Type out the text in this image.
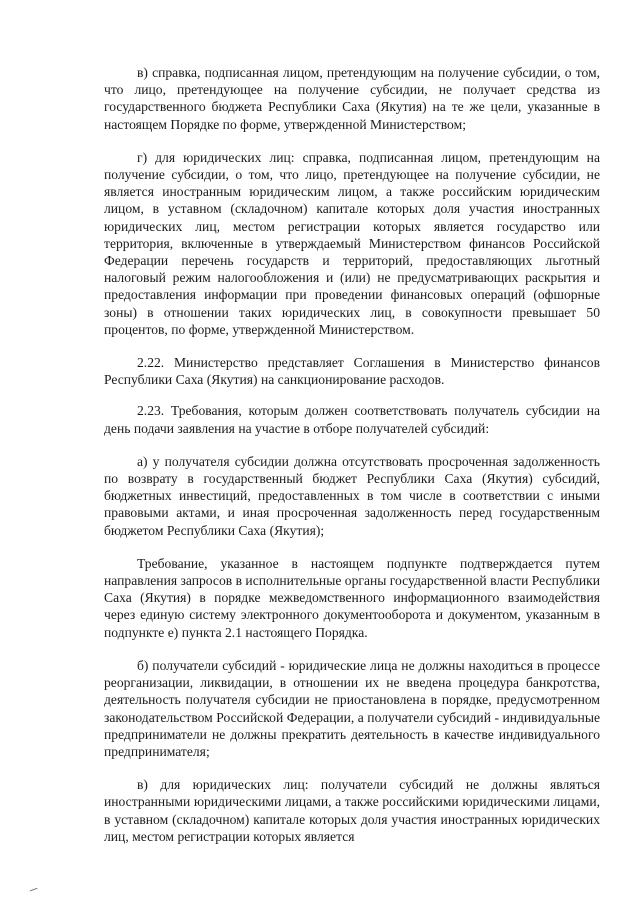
в) справка, подписанная лицом, претендующим на получение субсидии, о том, что лицо, претендующее на получение субсидии, не получает средства из государственного бюджета Республики Саха (Якутия) на те же цели, указанные в настоящем Порядке по форме, утвержденной Министерством;

г) для юридических лиц: справка, подписанная лицом, претендующим на получение субсидии, о том, что лицо, претендующее на получение субсидии, не является иностранным юридическим лицом, а также российским юридическим лицом, в уставном (складочном) капитале которых доля участия иностранных юридических лиц, местом регистрации которых является государство или территория, включенные в утверждаемый Министерством финансов Российской Федерации перечень государств и территорий, предоставляющих льготный налоговый режим налогообложения и (или) не предусматривающих раскрытия и предоставления информации при проведении финансовых операций (офшорные зоны) в отношении таких юридических лиц, в совокупности превышает 50 процентов, по форме, утвержденной Министерством.

2.22. Министерство представляет Соглашения в Министерство финансов Республики Саха (Якутия) на санкционирование расходов.

2.23. Требования, которым должен соответствовать получатель субсидии на день подачи заявления на участие в отборе получателей субсидий:

а) у получателя субсидии должна отсутствовать просроченная задолженность по возврату в государственный бюджет Республики Саха (Якутия) субсидий, бюджетных инвестиций, предоставленных в том числе в соответствии с иными правовыми актами, и иная просроченная задолженность перед государственным бюджетом Республики Саха (Якутия);

Требование, указанное в настоящем подпункте подтверждается путем направления запросов в исполнительные органы государственной власти Республики Саха (Якутия) в порядке межведомственного информационного взаимодействия через единую систему электронного документооборота и документом, указанным в подпункте е) пункта 2.1 настоящего Порядка.

б) получатели субсидий - юридические лица не должны находиться в процессе реорганизации, ликвидации, в отношении их не введена процедура банкротства, деятельность получателя субсидии не приостановлена в порядке, предусмотренном законодательством Российской Федерации, а получатели субсидий - индивидуальные предприниматели не должны прекратить деятельность в качестве индивидуального предпринимателя;

в) для юридических лиц: получатели субсидий не должны являться иностранными юридическими лицами, а также российскими юридическими лицами, в уставном (складочном) капитале которых доля участия иностранных юридических лиц, местом регистрации которых является
